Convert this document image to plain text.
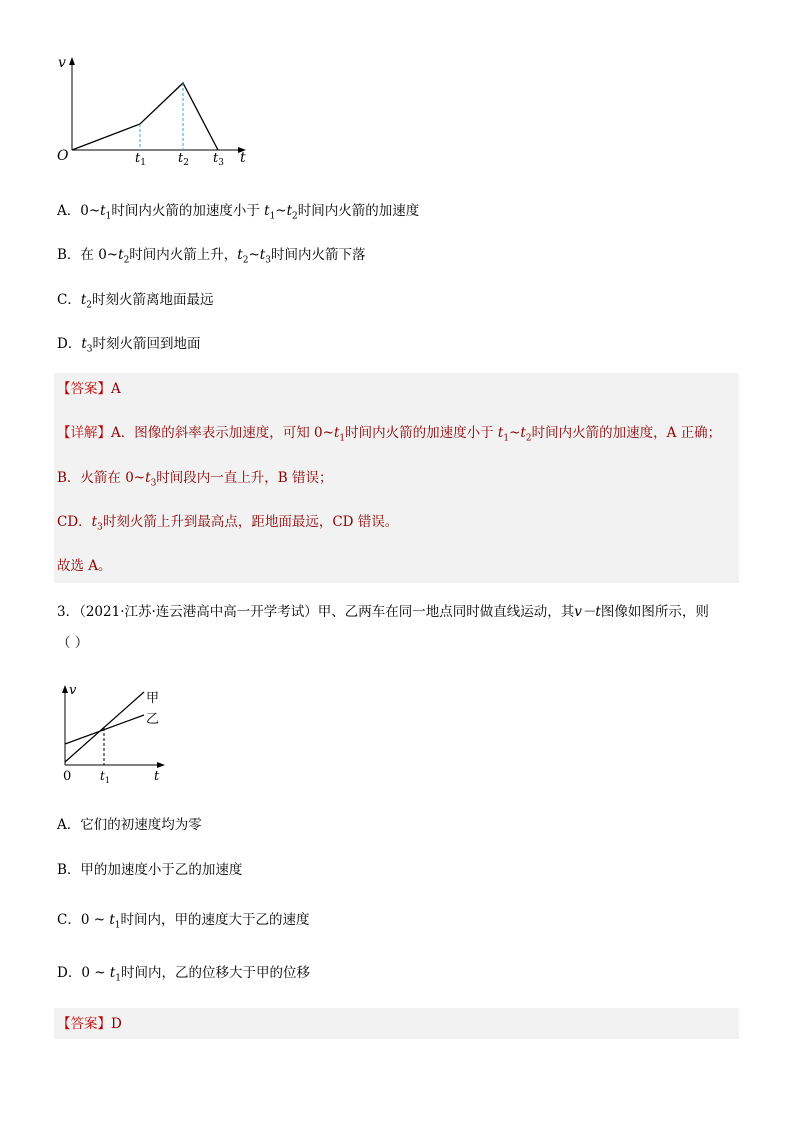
v
O	t
$t_1$ $t_2$ $t_3$
A．$0\sim t_1$时间内火箭的加速度小于 $t_1\sim t_2$时间内火箭的加速度
B．在 $0\sim t_2$时间内火箭上升，$t_2\sim t_3$时间内火箭下落
C．$t_2$时刻火箭离地面最远
D．$t_3$时刻火箭回到地面
【答案】A
【详解】A．图像的斜率表示加速度，可知 $0\sim t_1$时间内火箭的加速度小于 $t_1\sim t_2$时间内火箭的加速度，A 正确；
B．火箭在 $0\sim t_3$时间段内一直上升，B 错误；
CD．$t_3$时刻火箭上升到最高点，距地面最远，CD 错误。
故选 A。
3．（2021·江苏·连云港高中高一开学考试）甲、乙两车在同一地点同时做直线运动，其v－t图像如图所示，则
（ ）
v
0	t
$t_1$
甲
乙
A．它们的初速度均为零
B．甲的加速度小于乙的加速度
C．0 ~ $t_1$时间内，甲的速度大于乙的速度
D．0 ~ $t_1$时间内，乙的位移大于甲的位移
【答案】D
